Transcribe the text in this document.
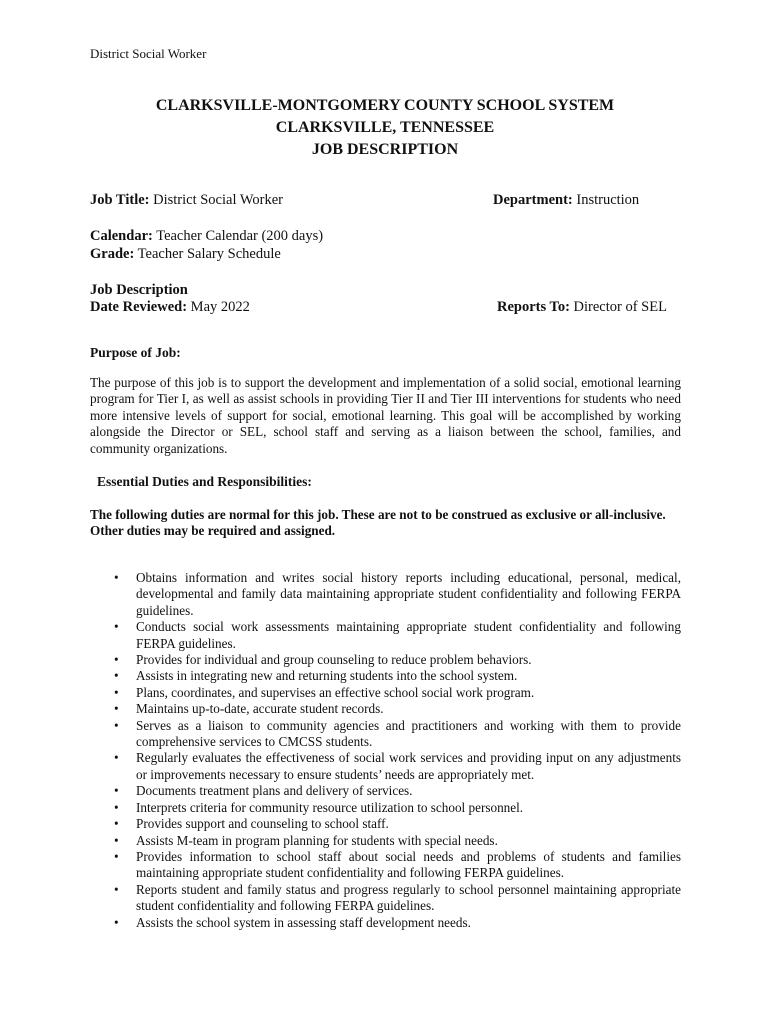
District Social Worker
CLARKSVILLE-MONTGOMERY COUNTY SCHOOL SYSTEM
CLARKSVILLE, TENNESSEE
JOB DESCRIPTION
Job Title: District Social Worker	Department: Instruction
Calendar: Teacher Calendar (200 days)
Grade: Teacher Salary Schedule
Job Description
Date Reviewed: May 2022	Reports To: Director of SEL
Purpose of Job:
The purpose of this job is to support the development and implementation of a solid social, emotional learning program for Tier I, as well as assist schools in providing Tier II and Tier III interventions for students who need more intensive levels of support for social, emotional learning. This goal will be accomplished by working alongside the Director or SEL, school staff and serving as a liaison between the school, families, and community organizations.
Essential Duties and Responsibilities:
The following duties are normal for this job. These are not to be construed as exclusive or all-inclusive.
Other duties may be required and assigned.
• Obtains information and writes social history reports including educational, personal, medical, developmental and family data maintaining appropriate student confidentiality and following FERPA guidelines.
• Conducts social work assessments maintaining appropriate student confidentiality and following FERPA guidelines.
• Provides for individual and group counseling to reduce problem behaviors.
• Assists in integrating new and returning students into the school system.
• Plans, coordinates, and supervises an effective school social work program.
• Maintains up-to-date, accurate student records.
• Serves as a liaison to community agencies and practitioners and working with them to provide comprehensive services to CMCSS students.
• Regularly evaluates the effectiveness of social work services and providing input on any adjustments or improvements necessary to ensure students’ needs are appropriately met.
• Documents treatment plans and delivery of services.
• Interprets criteria for community resource utilization to school personnel.
• Provides support and counseling to school staff.
• Assists M-team in program planning for students with special needs.
• Provides information to school staff about social needs and problems of students and families maintaining appropriate student confidentiality and following FERPA guidelines.
• Reports student and family status and progress regularly to school personnel maintaining appropriate student confidentiality and following FERPA guidelines.
• Assists the school system in assessing staff development needs.
